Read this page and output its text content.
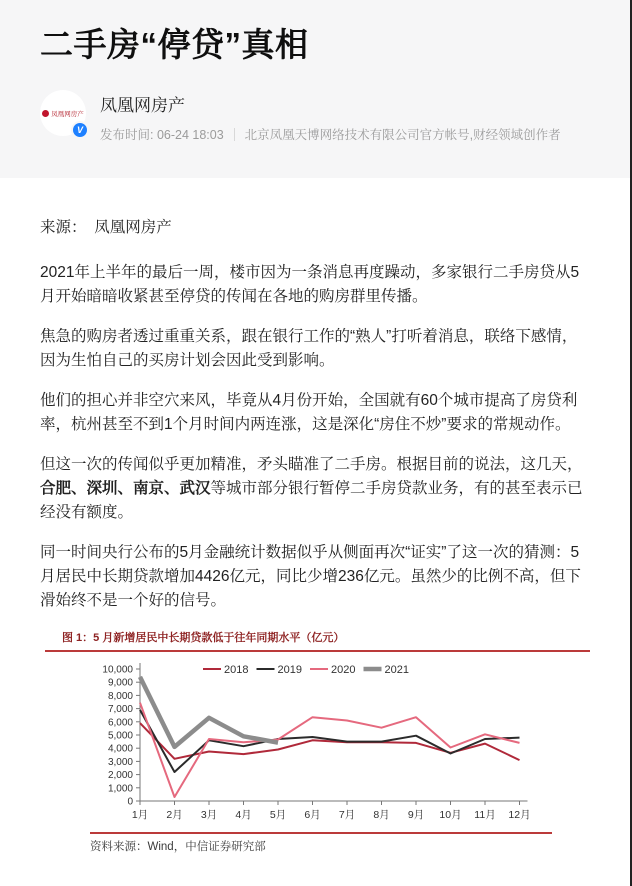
二手房“停贷”真相
凤凰网房产
V
凤凰网房产
发布时间: 06-24 18:03 北京凤凰天博网络技术有限公司官方帐号,财经领域创作者

来源：　凤凰网房产

2021年上半年的最后一周，楼市因为一条消息再度躁动，多家银行二手房贷从5月开始暗暗收紧甚至停贷的传闻在各地的购房群里传播。

焦急的购房者透过重重关系，跟在银行工作的“熟人”打听着消息，联络下感情，因为生怕自己的买房计划会因此受到影响。

他们的担心并非空穴来风，毕竟从4月份开始，全国就有60个城市提高了房贷利率，杭州甚至不到1个月时间内两连涨，这是深化“房住不炒”要求的常规动作。

但这一次的传闻似乎更加精准，矛头瞄准了二手房。根据目前的说法，这几天，合肥、深圳、南京、武汉等城市部分银行暂停二手房贷款业务，有的甚至表示已经没有额度。

同一时间央行公布的5月金融统计数据似乎从侧面再次“证实”了这一次的猜测：5月居民中长期贷款增加4426亿元，同比少增236亿元。虽然少的比例不高，但下滑始终不是一个好的信号。

图 1：5 月新增居民中长期贷款低于往年同期水平（亿元）
0
1,000
2,000
3,000
4,000
5,000
6,000
7,000
8,000
9,000
10,000
1月 2月 3月 4月 5月 6月 7月 8月 9月 10月 11月 12月
2018	2019	2020	2021
资料来源：Wind，中信证券研究部
